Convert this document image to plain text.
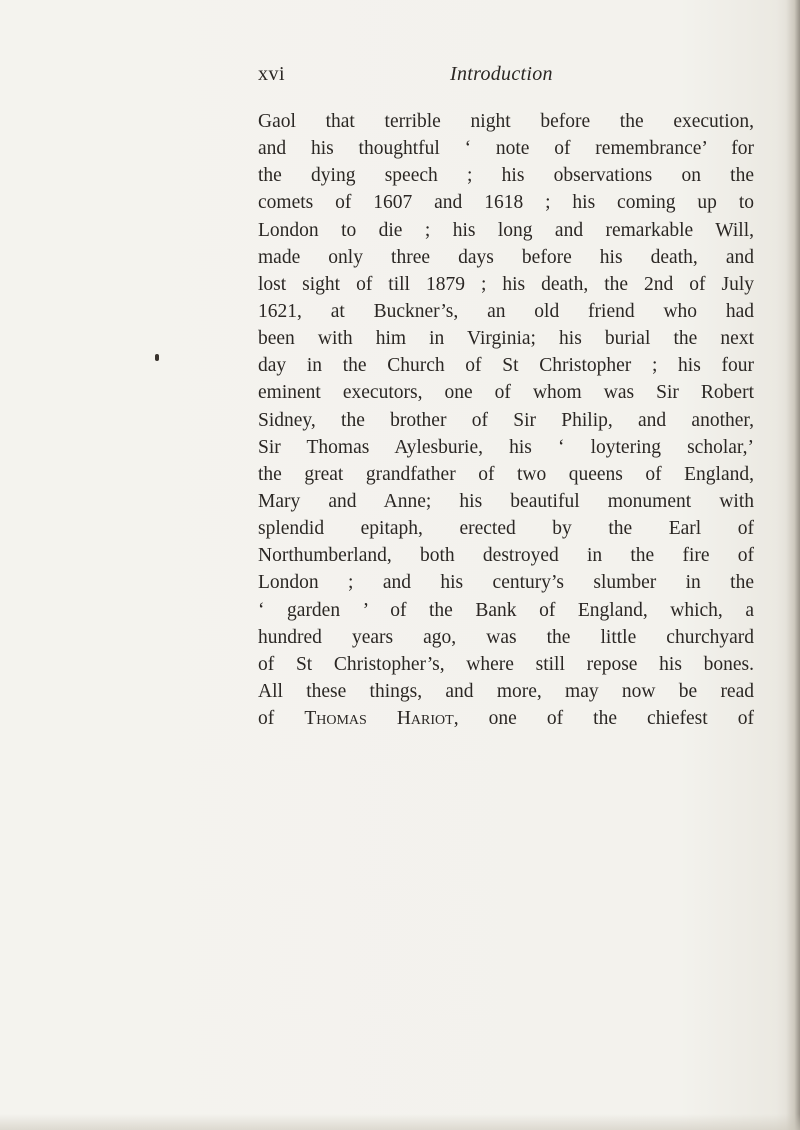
xvi	Introduction
Gaol that terrible night before the execution,
and his thoughtful ‘ note of remembrance’ for
the dying speech ; his observations on the
comets of 1607 and 1618 ; his coming up to
London to die ; his long and remarkable Will,
made only three days before his death, and
lost sight of till 1879 ; his death, the 2nd of July
1621, at Buckner’s, an old friend who had
been with him in Virginia; his burial the next
day in the Church of St Christopher ; his four
eminent executors, one of whom was Sir Robert
Sidney, the brother of Sir Philip, and another,
Sir Thomas Aylesburie, his ‘ loytering scholar,’
the great grandfather of two queens of England,
Mary and Anne; his beautiful monument with
splendid epitaph, erected by the Earl of
Northumberland, both destroyed in the fire of
London ; and his century’s slumber in the
‘ garden ’ of the Bank of England, which, a
hundred years ago, was the little churchyard
of St Christopher’s, where still repose his bones.
All these things, and more, may now be read
of Thomas Hariot, one of the chiefest of
